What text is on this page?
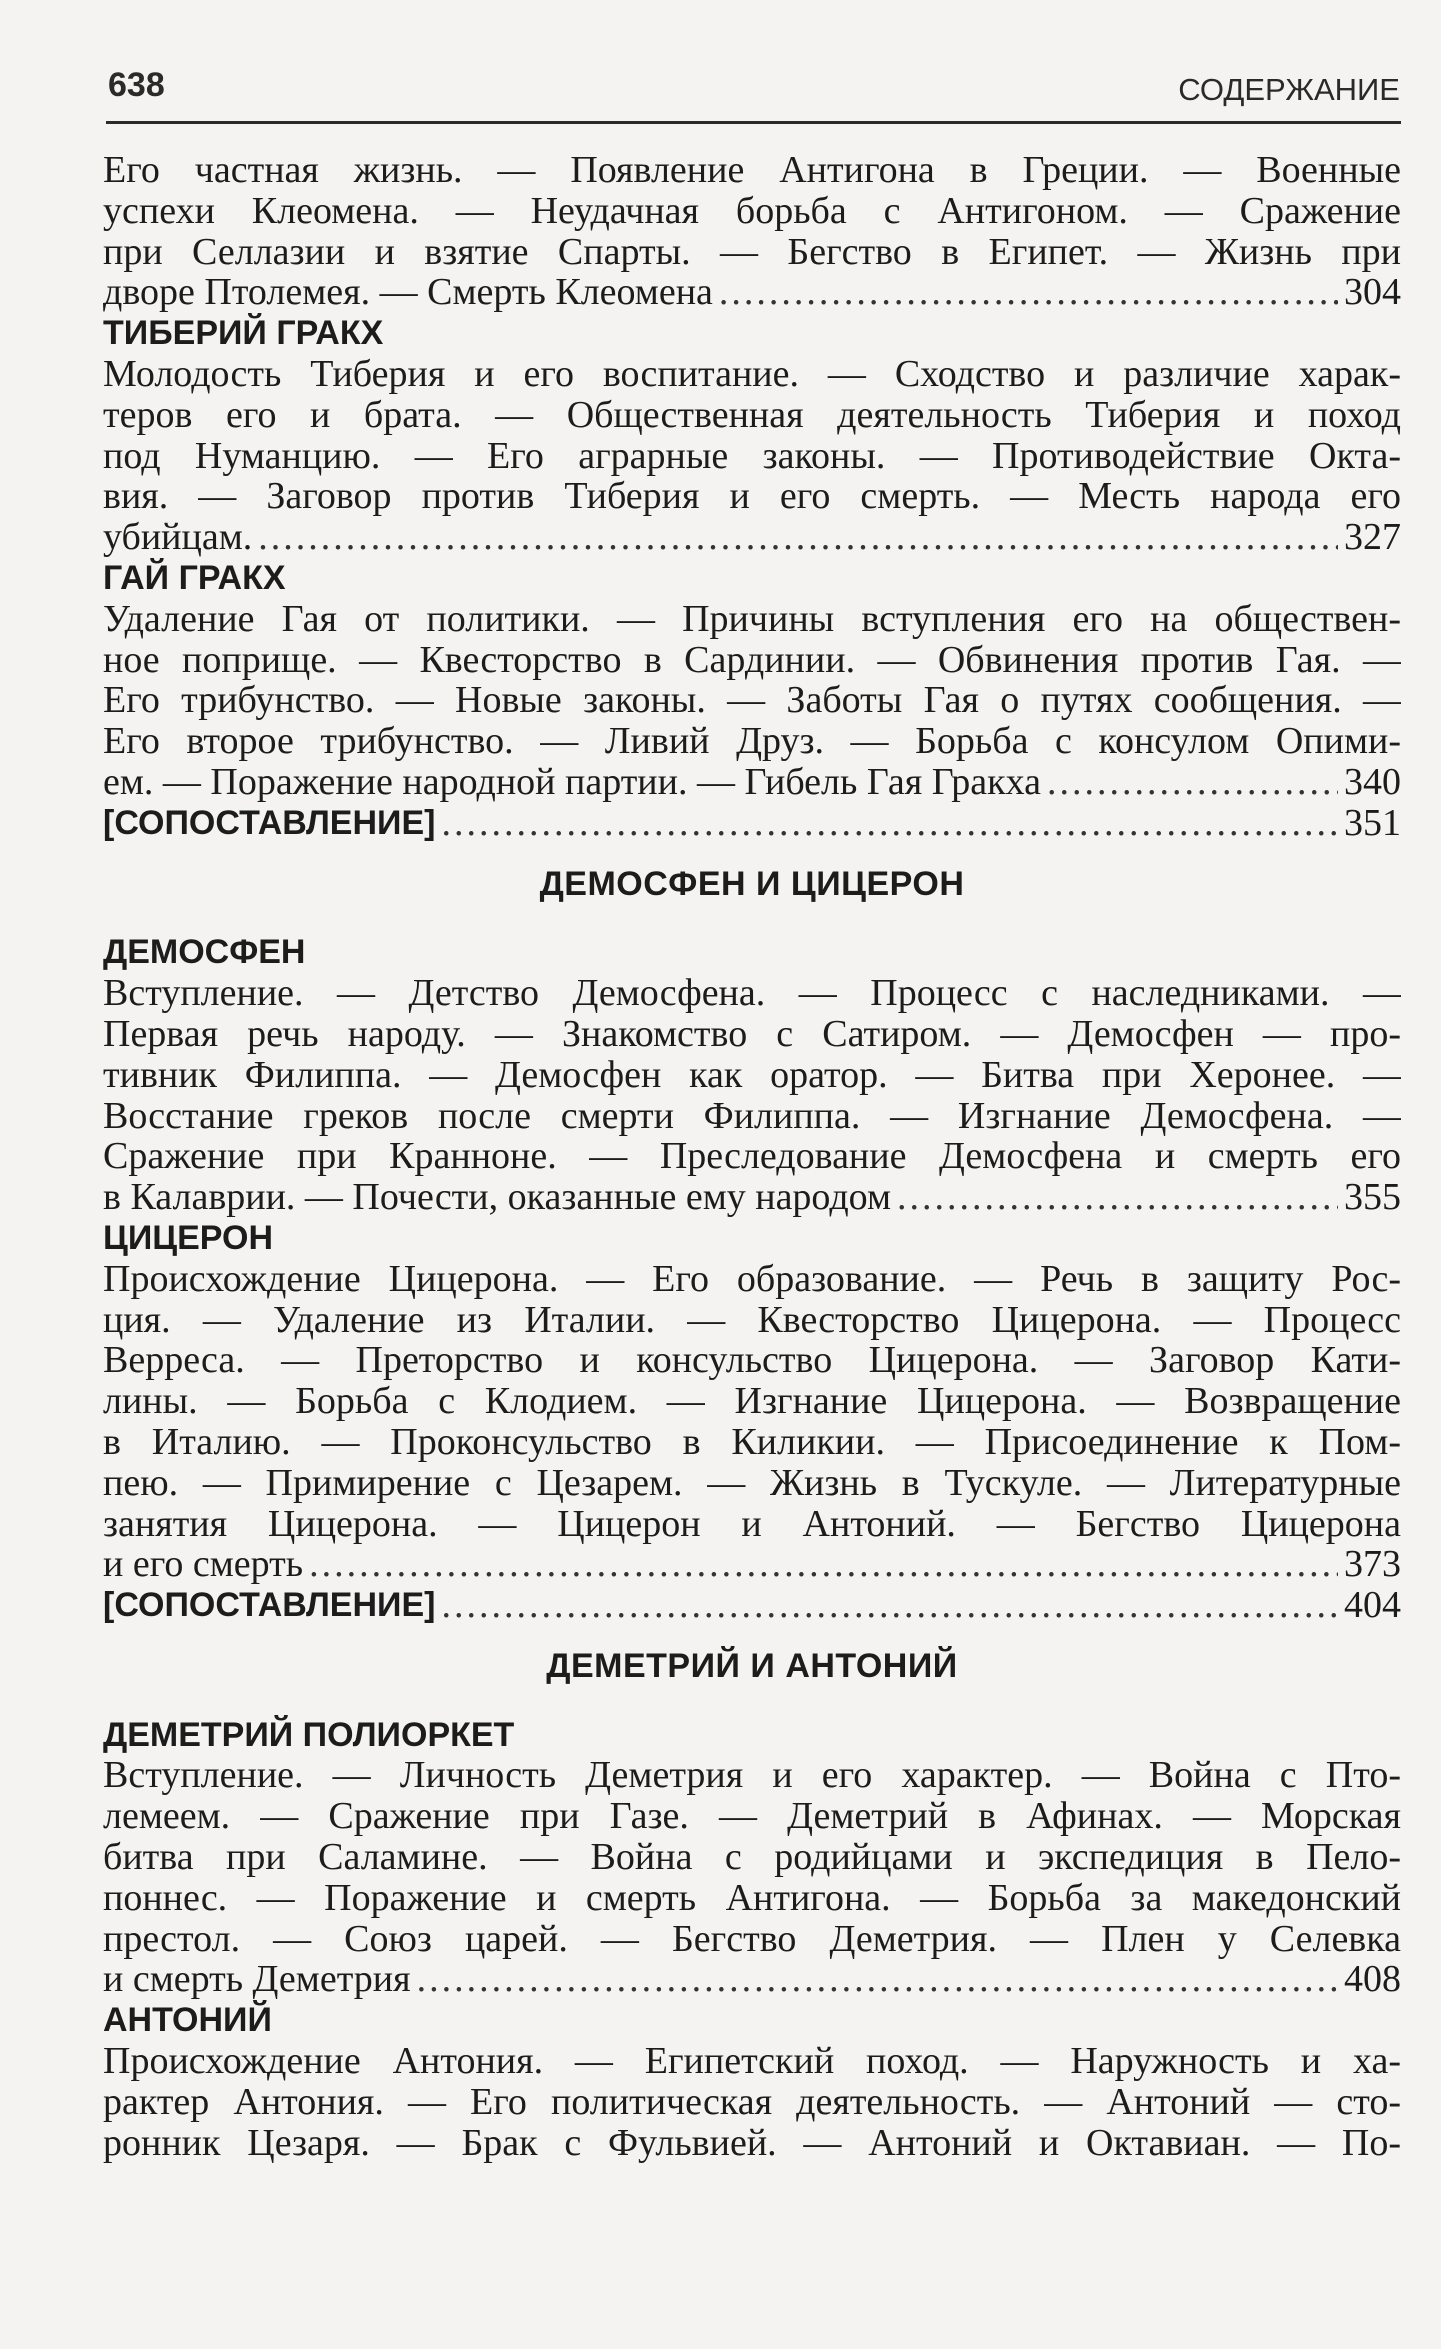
638	СОДЕРЖАНИЕ
Его частная жизнь. — Появление Антигона в Греции. — Военные
успехи Клеомена. — Неудачная борьба с Антигоном. — Сражение
при Селлазии и взятие Спарты. — Бегство в Египет. — Жизнь при
дворе Птолемея. — Смерть Клеомена .....	304
ТИБЕРИЙ ГРАКХ
Молодость Тиберия и его воспитание. — Сходство и различие харак-
теров его и брата. — Общественная деятельность Тиберия и поход
под Нуманцию. — Его аграрные законы. — Противодействие Окта-
вия. — Заговор против Тиберия и его смерть. — Месть народа его
убийцам. .....	327
ГАЙ ГРАКХ
Удаление Гая от политики. — Причины вступления его на обществен-
ное поприще. — Квесторство в Сардинии. — Обвинения против Гая. —
Его трибунство. — Новые законы. — Заботы Гая о путях сообщения. —
Его второе трибунство. — Ливий Друз. — Борьба с консулом Опими-
ем. — Поражение народной партии. — Гибель Гая Гракха .....	340
[СОПОСТАВЛЕНИЕ] .....	351
ДЕМОСФЕН И ЦИЦЕРОН
ДЕМОСФЕН
Вступление. — Детство Демосфена. — Процесс с наследниками. —
Первая речь народу. — Знакомство с Сатиром. — Демосфен — про-
тивник Филиппа. — Демосфен как оратор. — Битва при Херонее. —
Восстание греков после смерти Филиппа. — Изгнание Демосфена. —
Сражение при Кранноне. — Преследование Демосфена и смерть его
в Калаврии. — Почести, оказанные ему народом .....	355
ЦИЦЕРОН
Происхождение Цицерона. — Его образование. — Речь в защиту Рос-
ция. — Удаление из Италии. — Квесторство Цицерона. — Процесс
Верреса. — Преторство и консульство Цицерона. — Заговор Кати-
лины. — Борьба с Клодием. — Изгнание Цицерона. — Возвращение
в Италию. — Проконсульство в Киликии. — Присоединение к Пом-
пею. — Примирение с Цезарем. — Жизнь в Тускуле. — Литературные
занятия Цицерона. — Цицерон и Антоний. — Бегство Цицерона
и его смерть .....	373
[СОПОСТАВЛЕНИЕ] .....	404
ДЕМЕТРИЙ И АНТОНИЙ
ДЕМЕТРИЙ ПОЛИОРКЕТ
Вступление. — Личность Деметрия и его характер. — Война с Пто-
лемеем. — Сражение при Газе. — Деметрий в Афинах. — Морская
битва при Саламине. — Война с родийцами и экспедиция в Пело-
поннес. — Поражение и смерть Антигона. — Борьба за македонский
престол. — Союз царей. — Бегство Деметрия. — Плен у Селевка
и смерть Деметрия .....	408
АНТОНИЙ
Происхождение Антония. — Египетский поход. — Наружность и ха-
рактер Антония. — Его политическая деятельность. — Антоний — сто-
ронник Цезаря. — Брак с Фульвией. — Антоний и Октавиан. — По-
